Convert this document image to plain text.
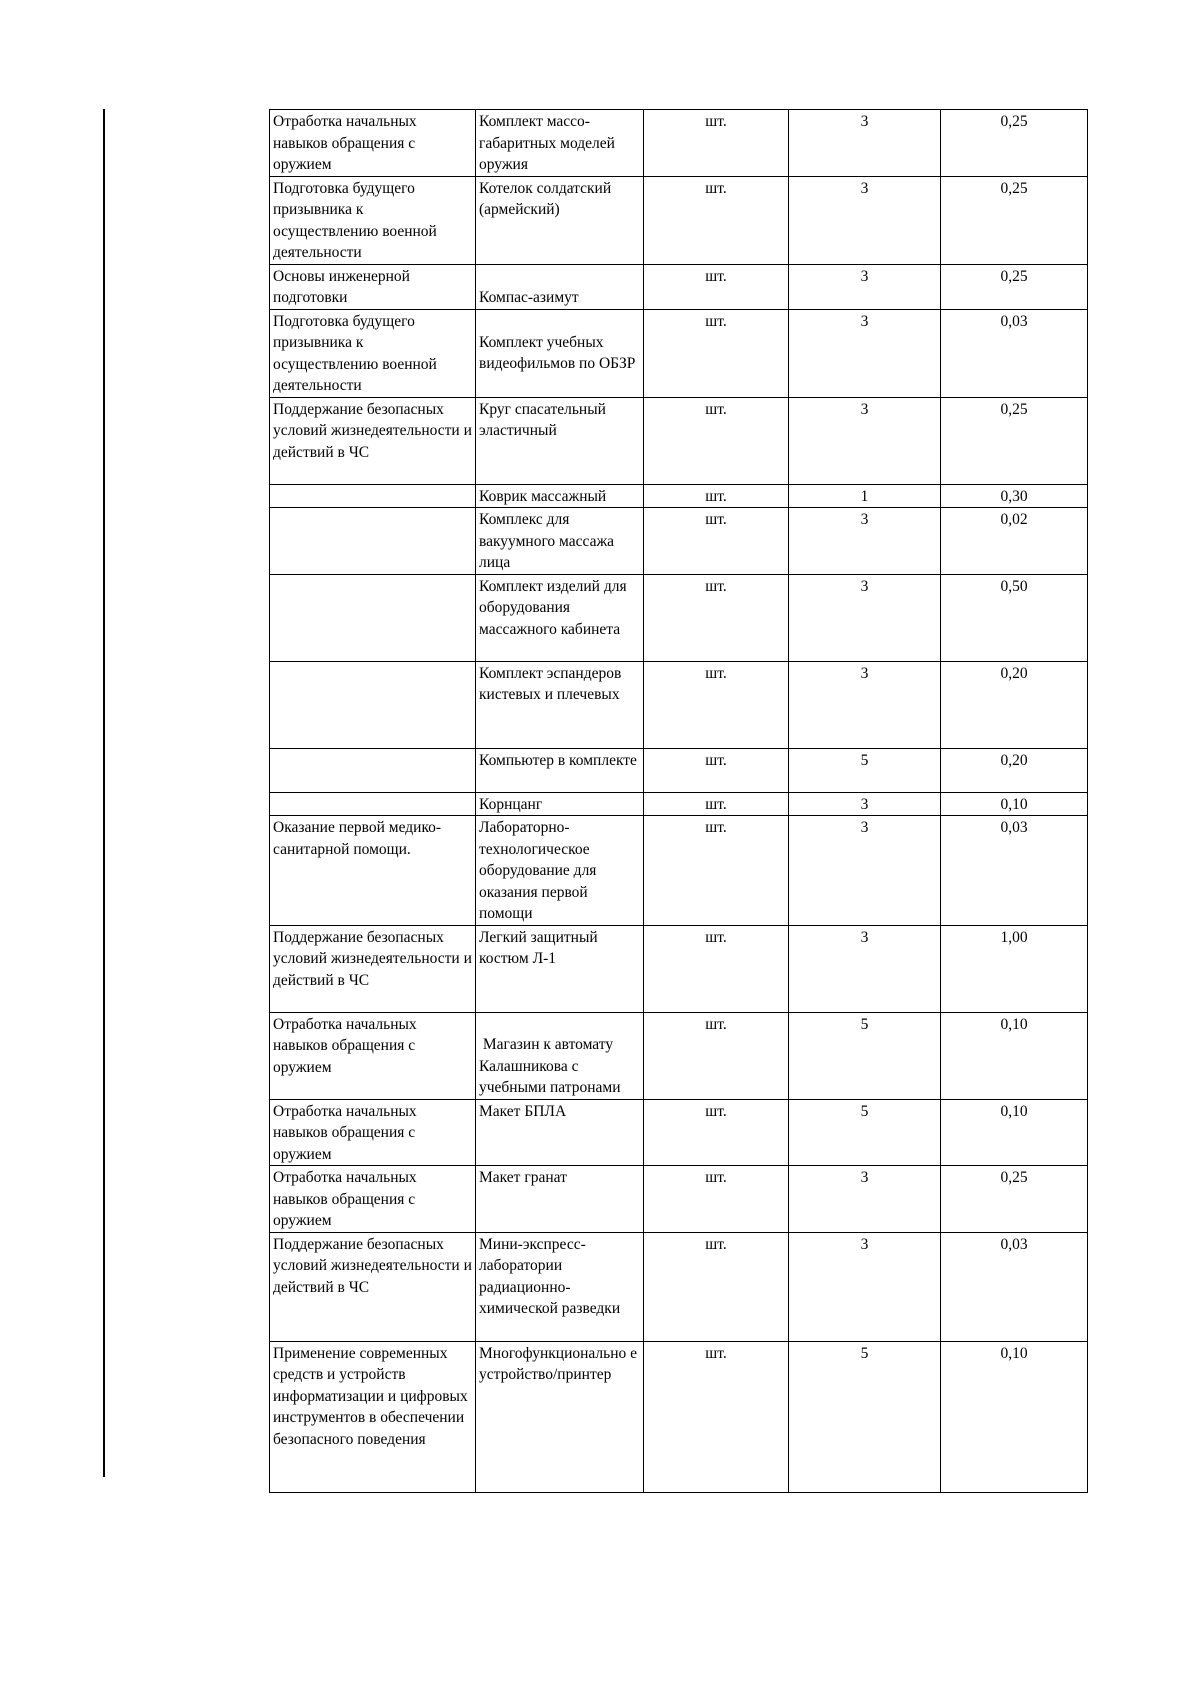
Отработка начальных навыков обращения с оружием	Комплект массо-габаритных моделей оружия	шт.	3	0,25
Подготовка будущего призывника к осуществлению военной деятельности	Котелок солдатский (армейский)	шт.	3	0,25
Основы инженерной подготовки	Компас-азимут	шт.	3	0,25
Подготовка будущего призывника к осуществлению военной деятельности	Комплект учебных видеофильмов по ОБЗР	шт.	3	0,03
Поддержание безопасных условий жизнедеятельности и действий в ЧС	Круг спасательный эластичный	шт.	3	0,25
	Коврик массажный	шт.	1	0,30
	Комплекс для вакуумного массажа лица	шт.	3	0,02
	Комплект изделий для оборудования массажного кабинета	шт.	3	0,50
	Комплект эспандеров кистевых и плечевых	шт.	3	0,20
	Компьютер в комплекте	шт.	5	0,20
	Корнцанг	шт.	3	0,10
Оказание первой медико-санитарной помощи.	Лабораторно-технологическое оборудование для оказания первой помощи	шт.	3	0,03
Поддержание безопасных условий жизнедеятельности и действий в ЧС	Легкий защитный костюм Л-1	шт.	3	1,00
Отработка начальных навыков обращения с оружием	Магазин к автомату Калашникова с учебными патронами	шт.	5	0,10
Отработка начальных навыков обращения с оружием	Макет БПЛА	шт.	5	0,10
Отработка начальных навыков обращения с оружием	Макет гранат	шт.	3	0,25
Поддержание безопасных условий жизнедеятельности и действий в ЧС	Мини-экспресс-лаборатории радиационно-химической разведки	шт.	3	0,03
Применение современных средств и устройств информатизации и цифровых инструментов в обеспечении безопасного поведения	Многофункционально е устройство/принтер	шт.	5	0,10
